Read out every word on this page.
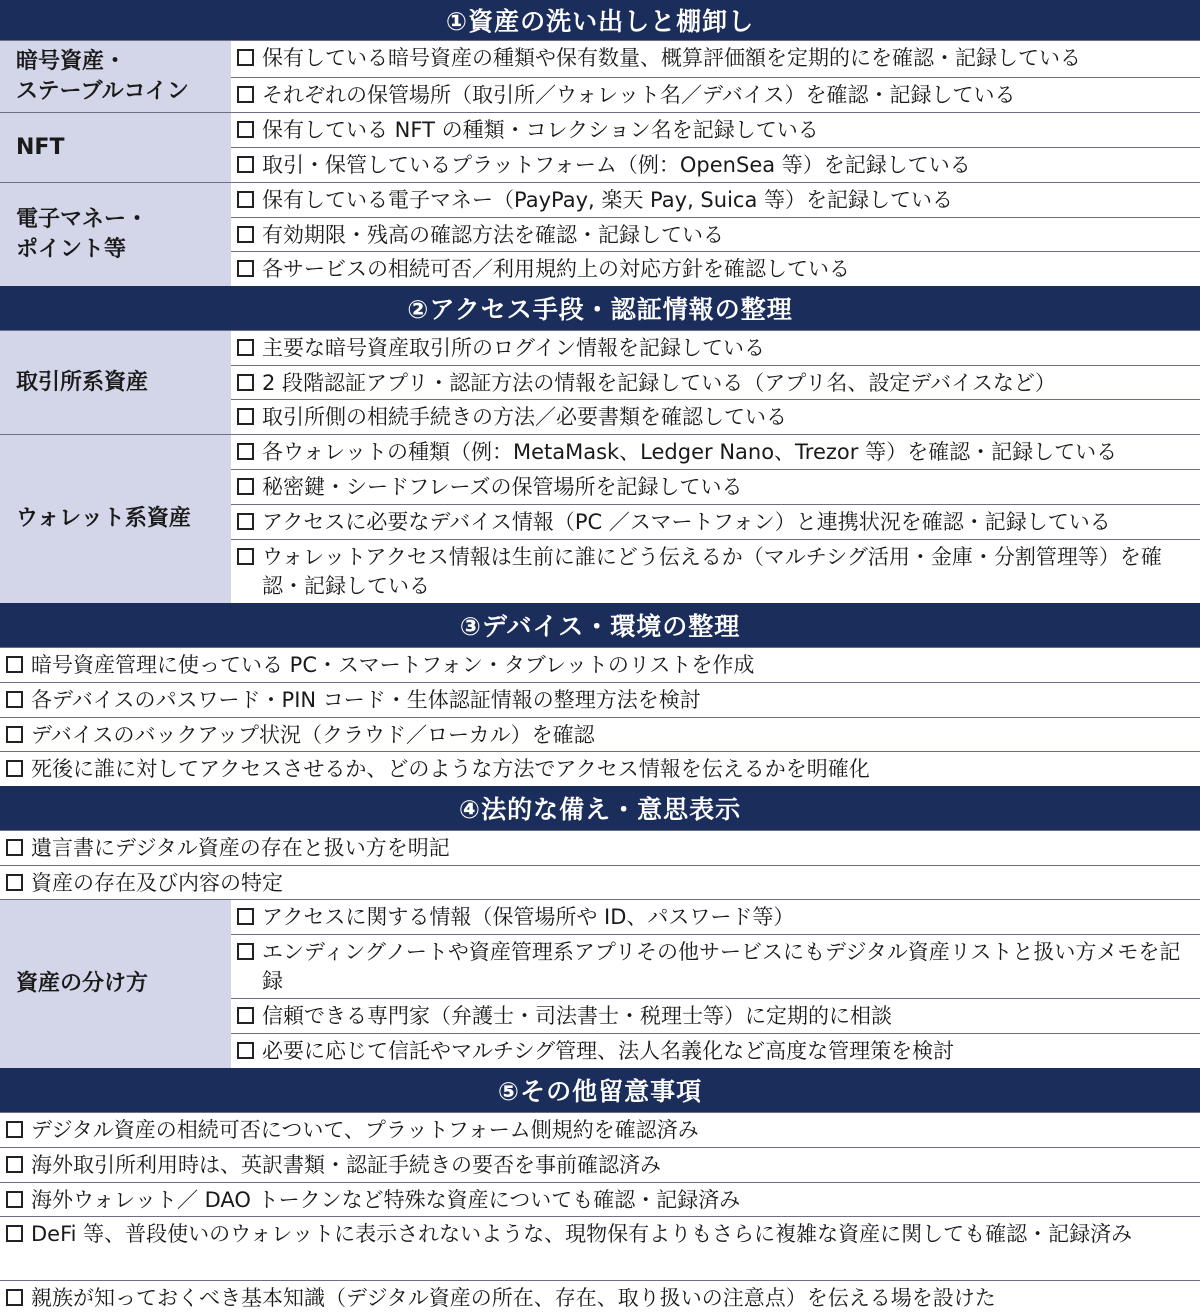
①資産の洗い出しと棚卸し
暗号資産・
ステーブルコイン
保有している暗号資産の種類や保有数量、概算評価額を定期的にを確認・記録している
それぞれの保管場所（取引所／ウォレット名／デバイス）を確認・記録している
NFT
保有している NFT の種類・コレクション名を記録している
取引・保管しているプラットフォーム（例：OpenSea 等）を記録している
電子マネー・
ポイント等
保有している電子マネー（PayPay, 楽天 Pay, Suica 等）を記録している
有効期限・残高の確認方法を確認・記録している
各サービスの相続可否／利用規約上の対応方針を確認している
②アクセス手段・認証情報の整理
取引所系資産
主要な暗号資産取引所のログイン情報を記録している
2 段階認証アプリ・認証方法の情報を記録している（アプリ名、設定デバイスなど）
取引所側の相続手続きの方法／必要書類を確認している
ウォレット系資産
各ウォレットの種類（例：MetaMask、Ledger Nano、Trezor 等）を確認・記録している
秘密鍵・シードフレーズの保管場所を記録している
アクセスに必要なデバイス情報（PC ／スマートフォン）と連携状況を確認・記録している
ウォレットアクセス情報は生前に誰にどう伝えるか（マルチシグ活用・金庫・分割管理等）を確認・記録している
③デバイス・環境の整理
暗号資産管理に使っている PC・スマートフォン・タブレットのリストを作成
各デバイスのパスワード・PIN コード・生体認証情報の整理方法を検討
デバイスのバックアップ状況（クラウド／ローカル）を確認
死後に誰に対してアクセスさせるか、どのような方法でアクセス情報を伝えるかを明確化
④法的な備え・意思表示
遺言書にデジタル資産の存在と扱い方を明記
資産の存在及び内容の特定
資産の分け方
アクセスに関する情報（保管場所や ID、パスワード等）
エンディングノートや資産管理系アプリその他サービスにもデジタル資産リストと扱い方メモを記録
信頼できる専門家（弁護士・司法書士・税理士等）に定期的に相談
必要に応じて信託やマルチシグ管理、法人名義化など高度な管理策を検討
⑤その他留意事項
デジタル資産の相続可否について、プラットフォーム側規約を確認済み
海外取引所利用時は、英訳書類・認証手続きの要否を事前確認済み
海外ウォレット／ DAO トークンなど特殊な資産についても確認・記録済み
DeFi 等、普段使いのウォレットに表示されないような、現物保有よりもさらに複雑な資産に関しても確認・記録済み
親族が知っておくべき基本知識（デジタル資産の所在、存在、取り扱いの注意点）を伝える場を設けた
